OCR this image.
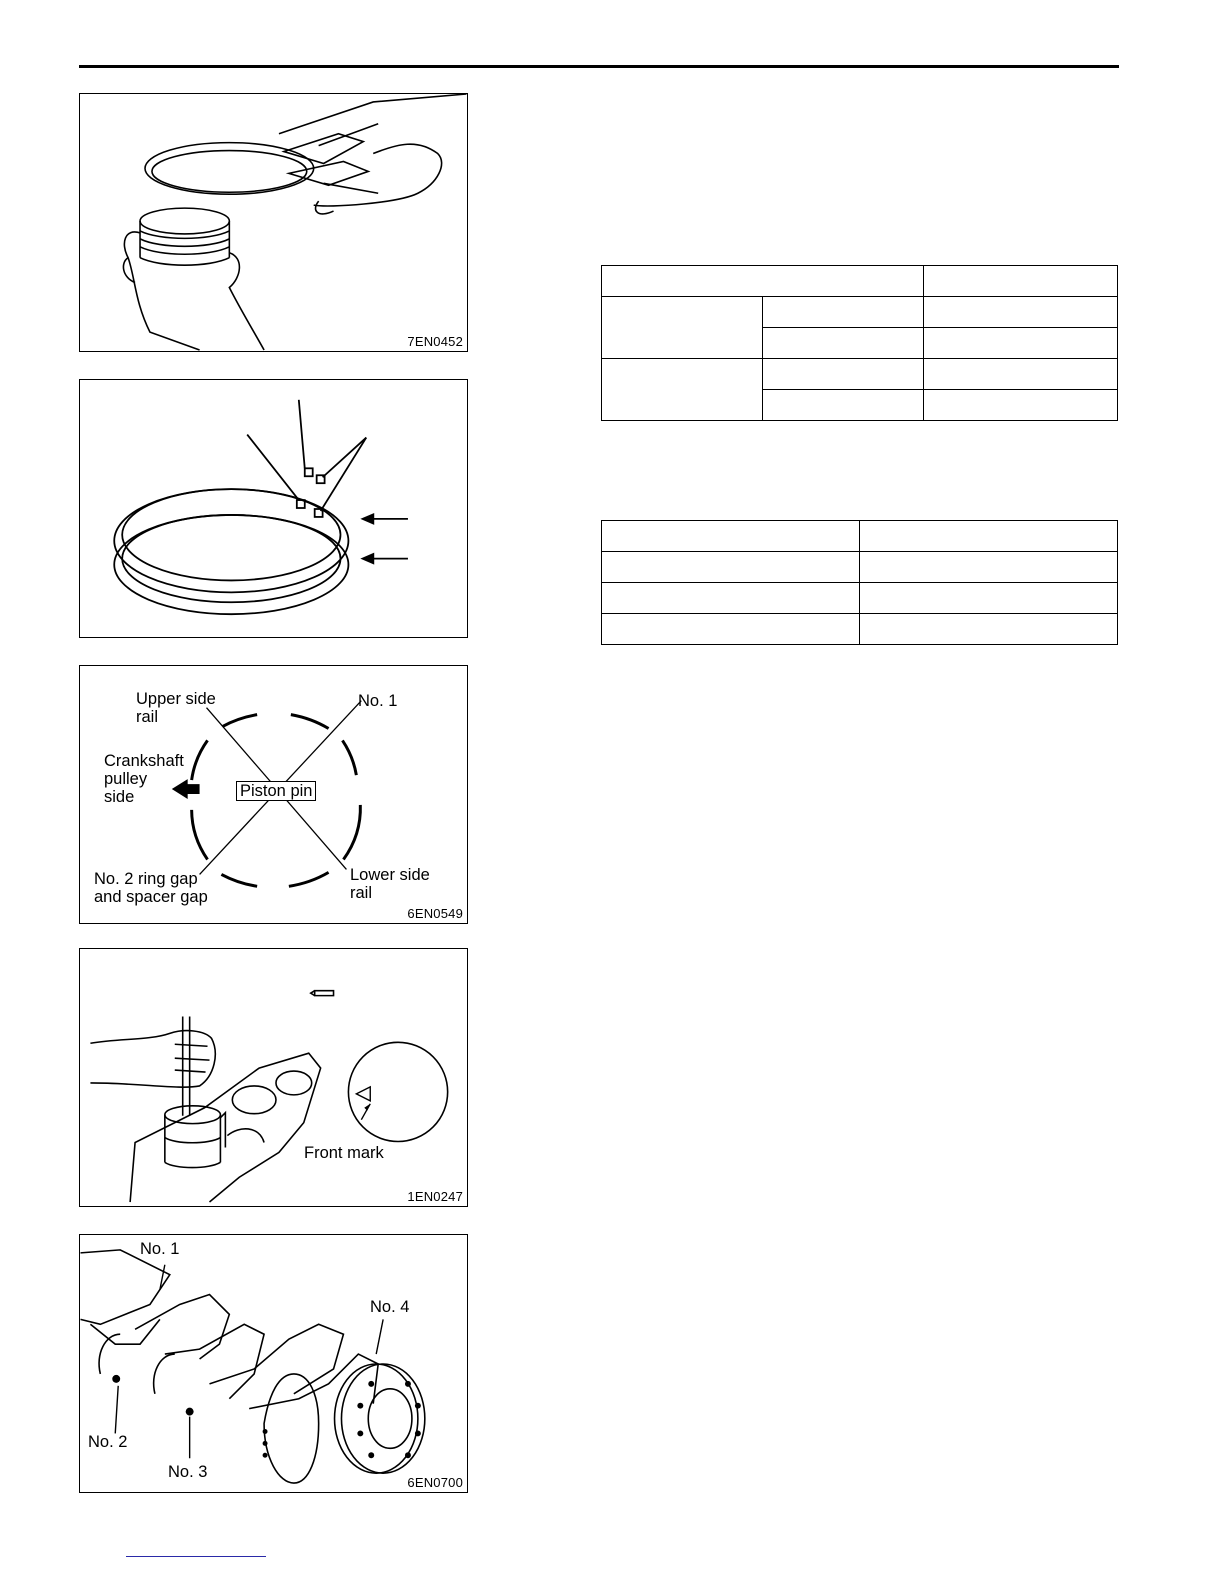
7EN0452
Upper side
rail
No. 1
Crankshaft
pulley
side	Piston pin
No. 2 ring gap
and spacer gap
Lower side
rail
6EN0549
Front mark
1EN0247
No. 1
No. 2
No. 3
No. 4
6EN0700
